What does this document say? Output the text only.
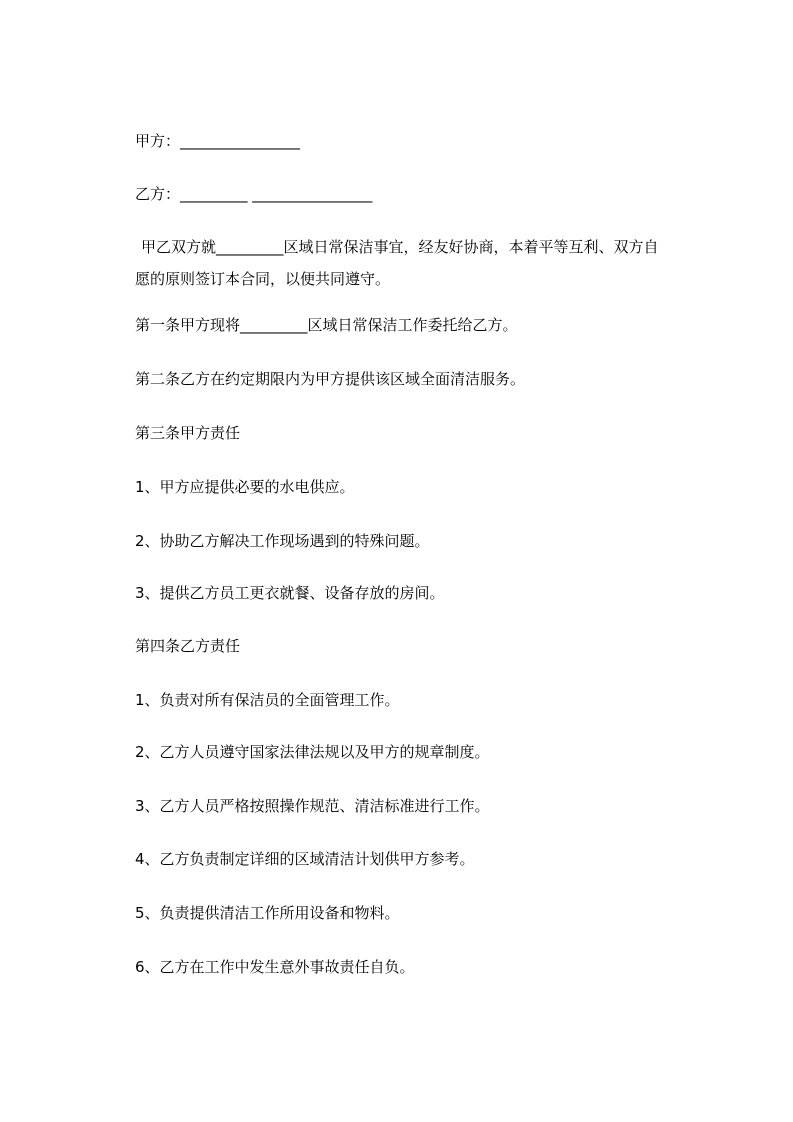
甲方：________________
乙方：_________ ________________

甲乙双方就_________区域日常保洁事宜，经友好协商，本着平等互利、双方自

愿的原则签订本合同，以便共同遵守。
第一条甲方现将_________区域日常保洁工作委托给乙方。
第二条乙方在约定期限内为甲方提供该区域全面清洁服务。
第三条甲方责任
1、甲方应提供必要的水电供应。
2、协助乙方解决工作现场遇到的特殊问题。
3、提供乙方员工更衣就餐、设备存放的房间。
第四条乙方责任
1、负责对所有保洁员的全面管理工作。
2、乙方人员遵守国家法律法规以及甲方的规章制度。
3、乙方人员严格按照操作规范、清洁标准进行工作。
4、乙方负责制定详细的区域清洁计划供甲方参考。
5、负责提供清洁工作所用设备和物料。
6、乙方在工作中发生意外事故责任自负。
